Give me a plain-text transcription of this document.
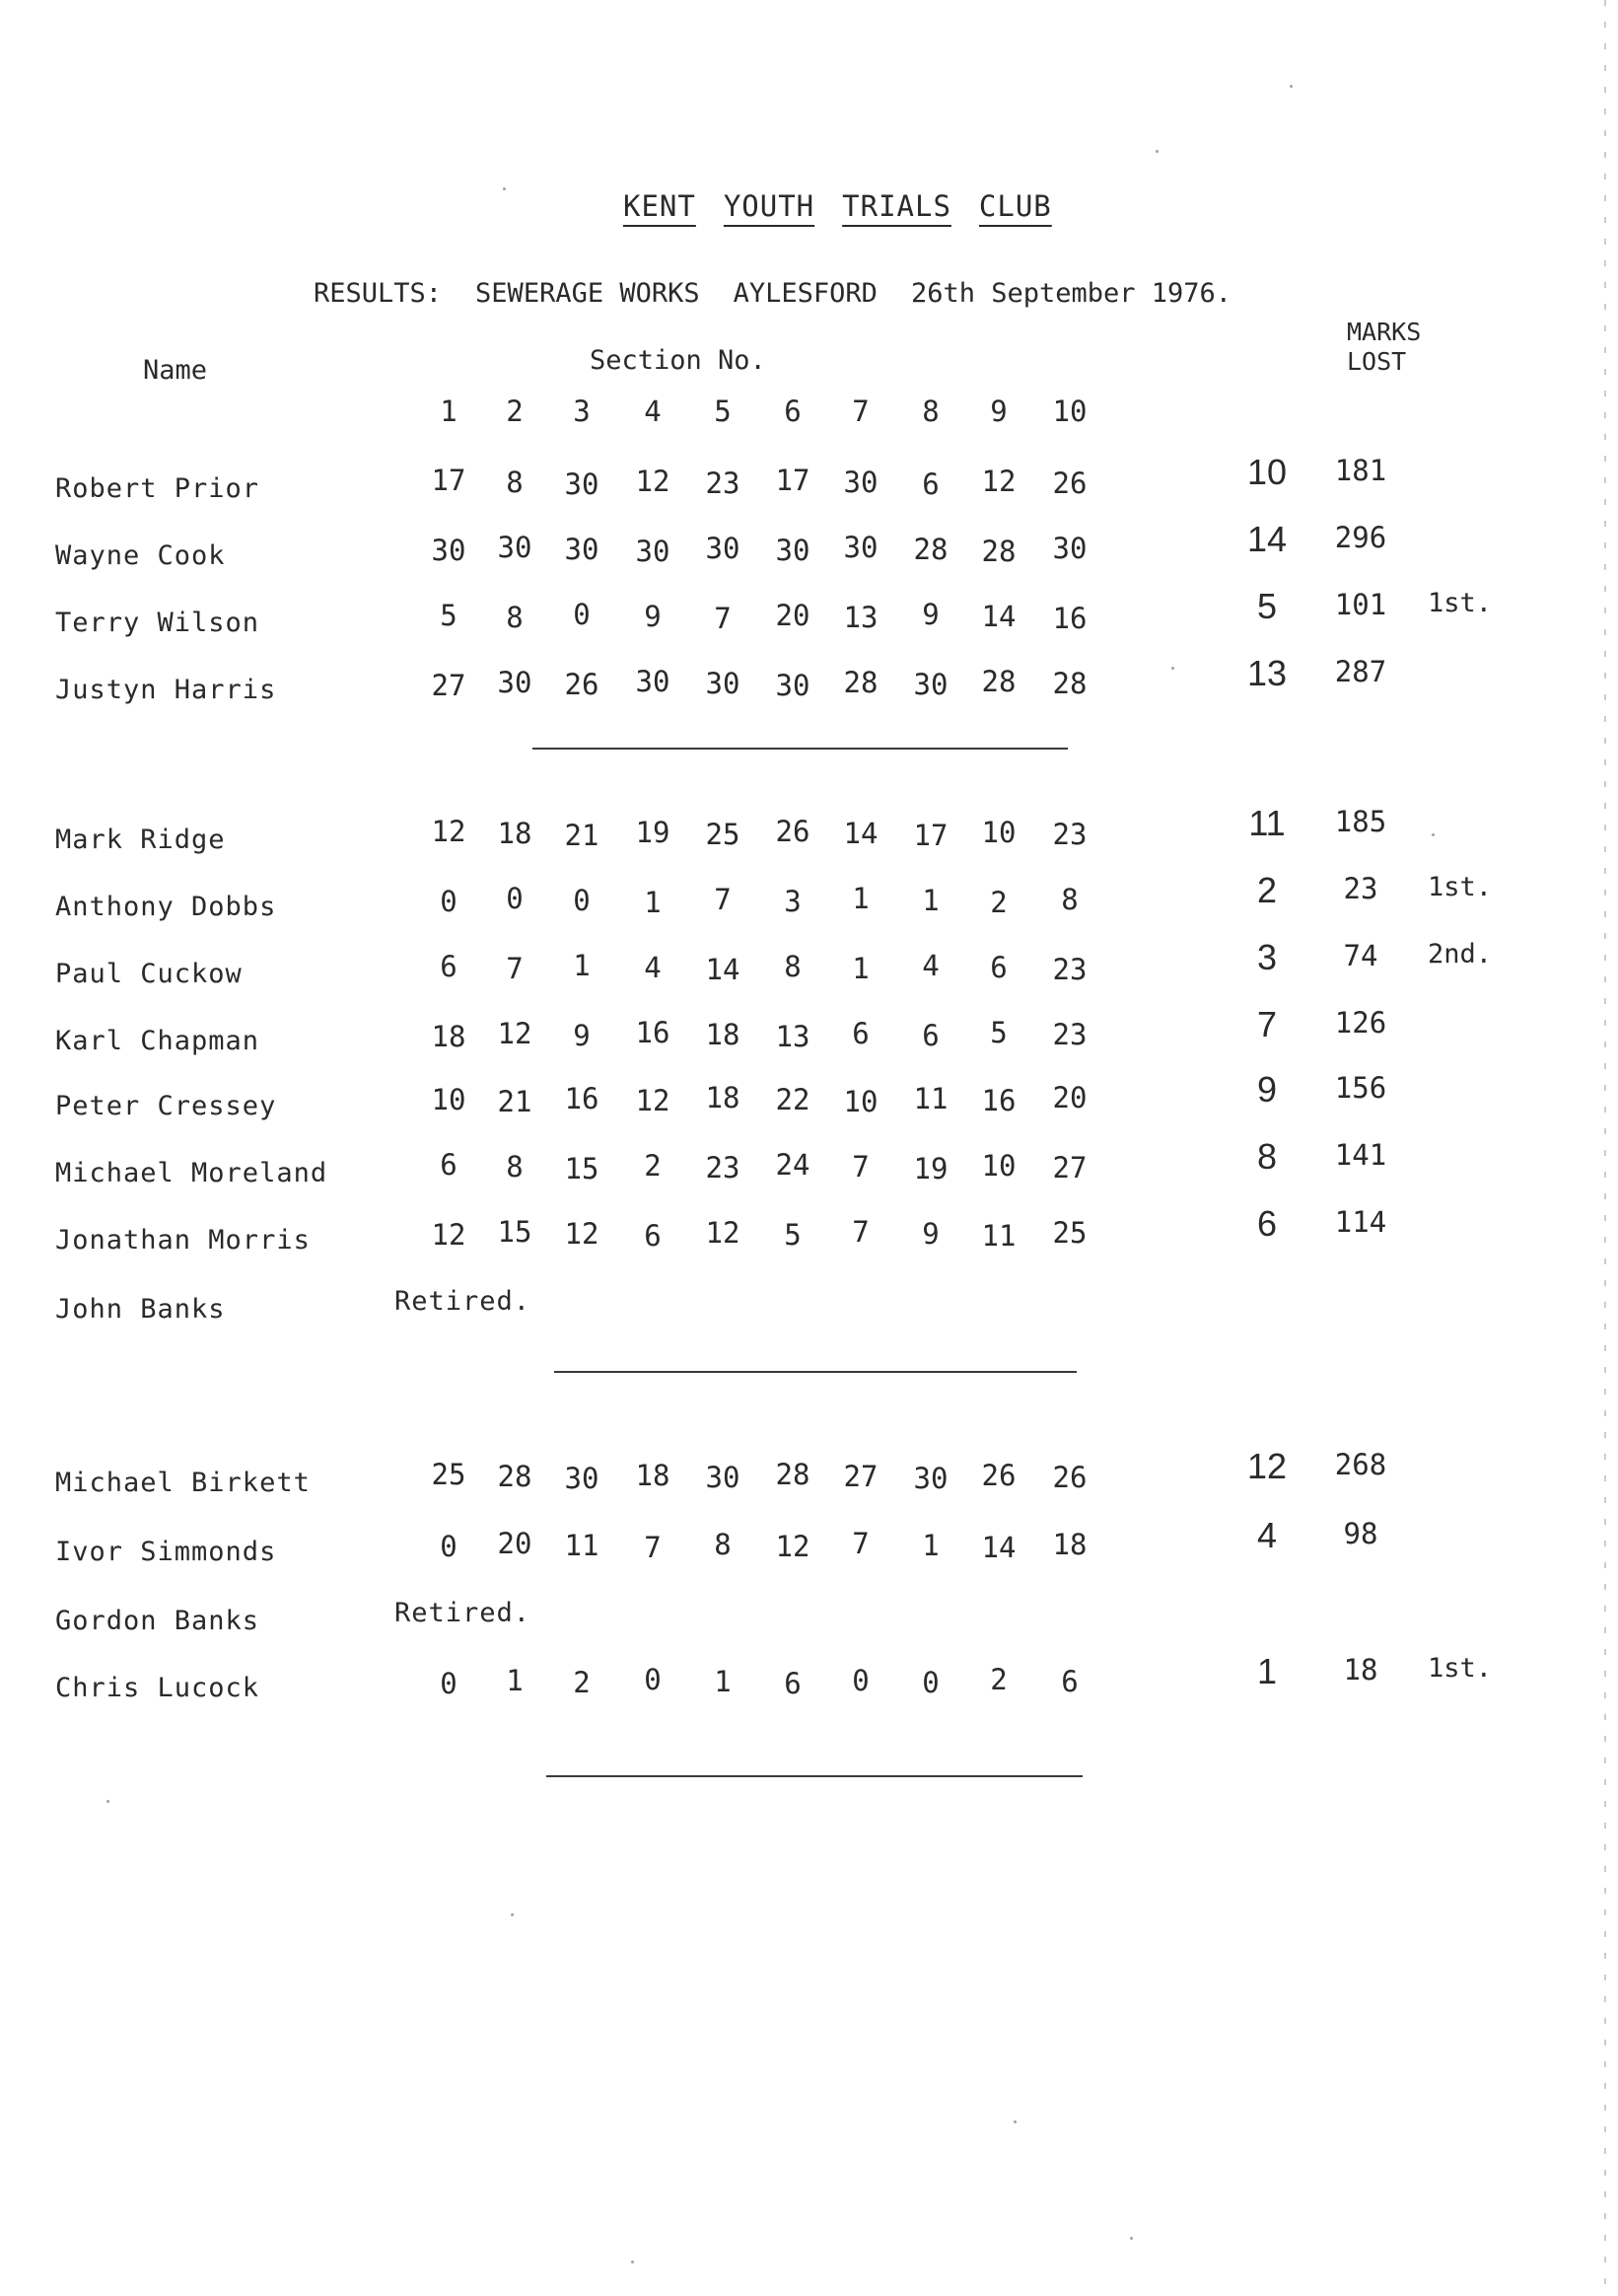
KENT YOUTH TRIALS CLUB
RESULTS: SEWERAGE WORKS AYLESFORD 26th September 1976.
Name	Section No.
MARKS
LOST
1	2	3	4	5	6	7	8	9	10
Robert Prior	17	8	30	12	23	17	30	6	12	26	10	181
Wayne Cook	30	30	30	30	30	30	30	28	28	30	14	296
Terry Wilson	5	8	0	9	7	20	13	9	14	16	5	101	1st.
Justyn Harris	27	30	26	30	30	30	28	30	28	28	13	287
Mark Ridge	12	18	21	19	25	26	14	17	10	23	11	185
Anthony Dobbs	0	0	0	1	7	3	1	1	2	8	2	23	1st.
Paul Cuckow	6	7	1	4	14	8	1	4	6	23	3	74	2nd.
Karl Chapman	18	12	9	16	18	13	6	6	5	23	7	126
Peter Cressey	10	21	16	12	18	22	10	11	16	20	9	156
Michael Moreland	6	8	15	2	23	24	7	19	10	27	8	141
Jonathan Morris	12	15	12	6	12	5	7	9	11	25	6	114
John Banks	Retired.
Michael Birkett	25	28	30	18	30	28	27	30	26	26	12	268
Ivor Simmonds	0	20	11	7	8	12	7	1	14	18	4	98
Gordon Banks	Retired.
Chris Lucock	0	1	2	0	1	6	0	0	2	6	1	18	1st.
